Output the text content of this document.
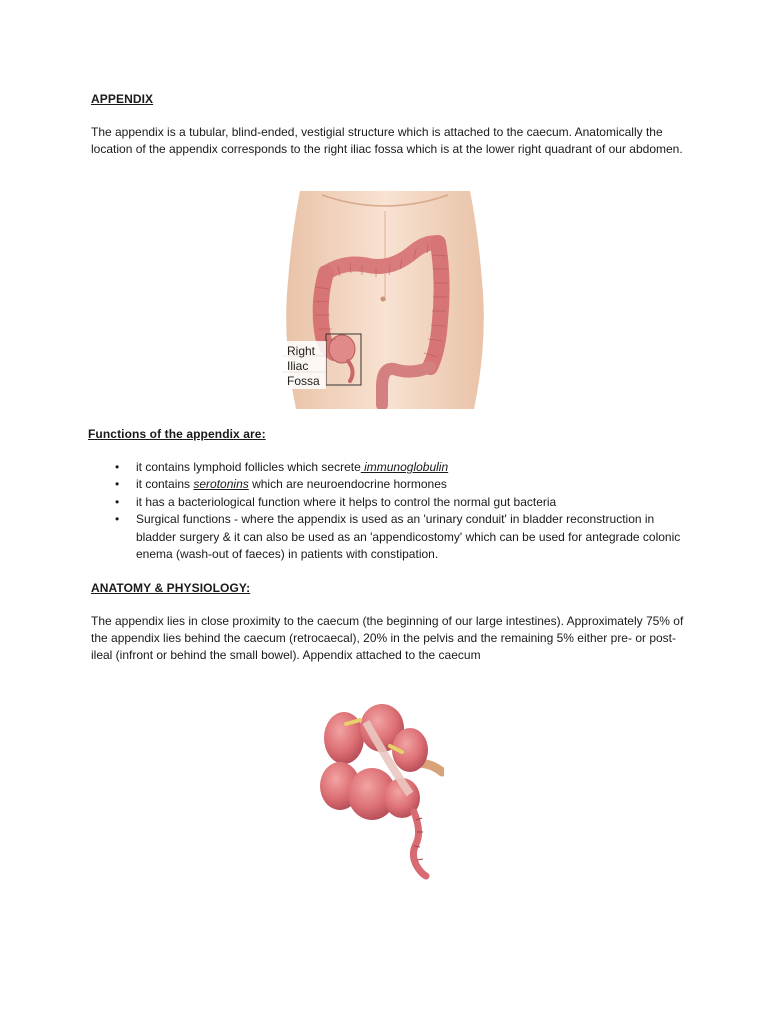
APPENDIX
The appendix is a tubular, blind-ended, vestigial structure which is attached to the caecum. Anatomically the location of the appendix corresponds to the right iliac fossa which is at the lower right quadrant of our abdomen.
Right
Iliac
Fossa
Functions of the appendix are:
• it contains lymphoid follicles which secrete immunoglobulin
• it contains serotonins which are neuroendocrine hormones
• it has a bacteriological function where it helps to control the normal gut bacteria
• Surgical functions - where the appendix is used as an 'urinary conduit' in bladder reconstruction in bladder surgery & it can also be used as an 'appendicostomy' which can be used for antegrade colonic enema (wash-out of faeces) in patients with constipation.
ANATOMY & PHYSIOLOGY:
The appendix lies in close proximity to the caecum (the beginning of our large intestines). Approximately 75% of the appendix lies behind the caecum (retrocaecal), 20% in the pelvis and the remaining 5% either pre- or post-ileal (infront or behind the small bowel). Appendix attached to the caecum
